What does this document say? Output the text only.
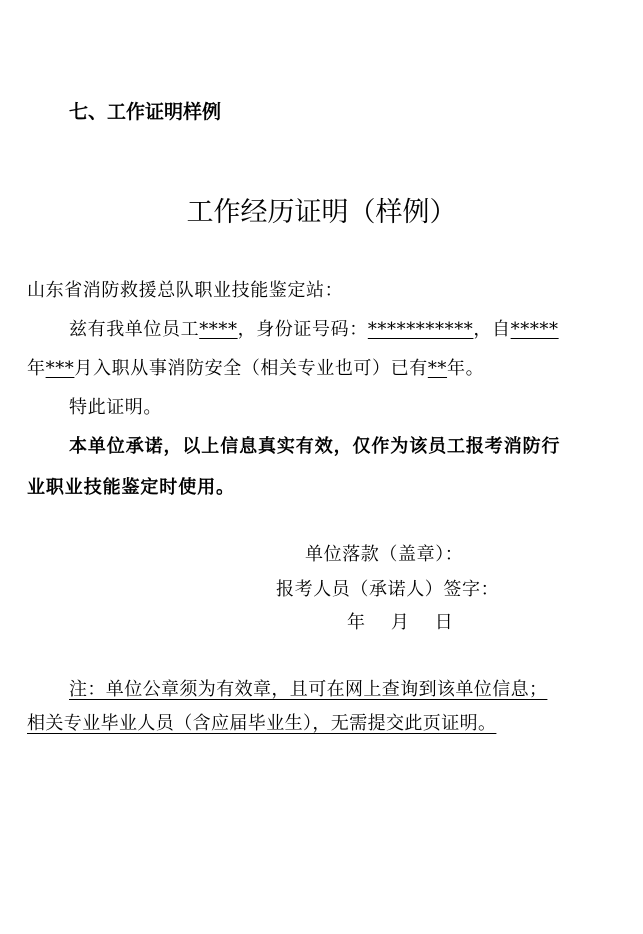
七、工作证明样例
工作经历证明（样例）
山东省消防救援总队职业技能鉴定站：
兹有我单位员工****，身份证号码：***********，自*****
年***月入职从事消防安全（相关专业也可）已有**年。
特此证明。
本单位承诺，以上信息真实有效，仅作为该员工报考消防行
业职业技能鉴定时使用。
单位落款（盖章）：
报考人员（承诺人）签字：
年    月    日
注：单位公章须为有效章，且可在网上查询到该单位信息；
相关专业毕业人员（含应届毕业生），无需提交此页证明。
